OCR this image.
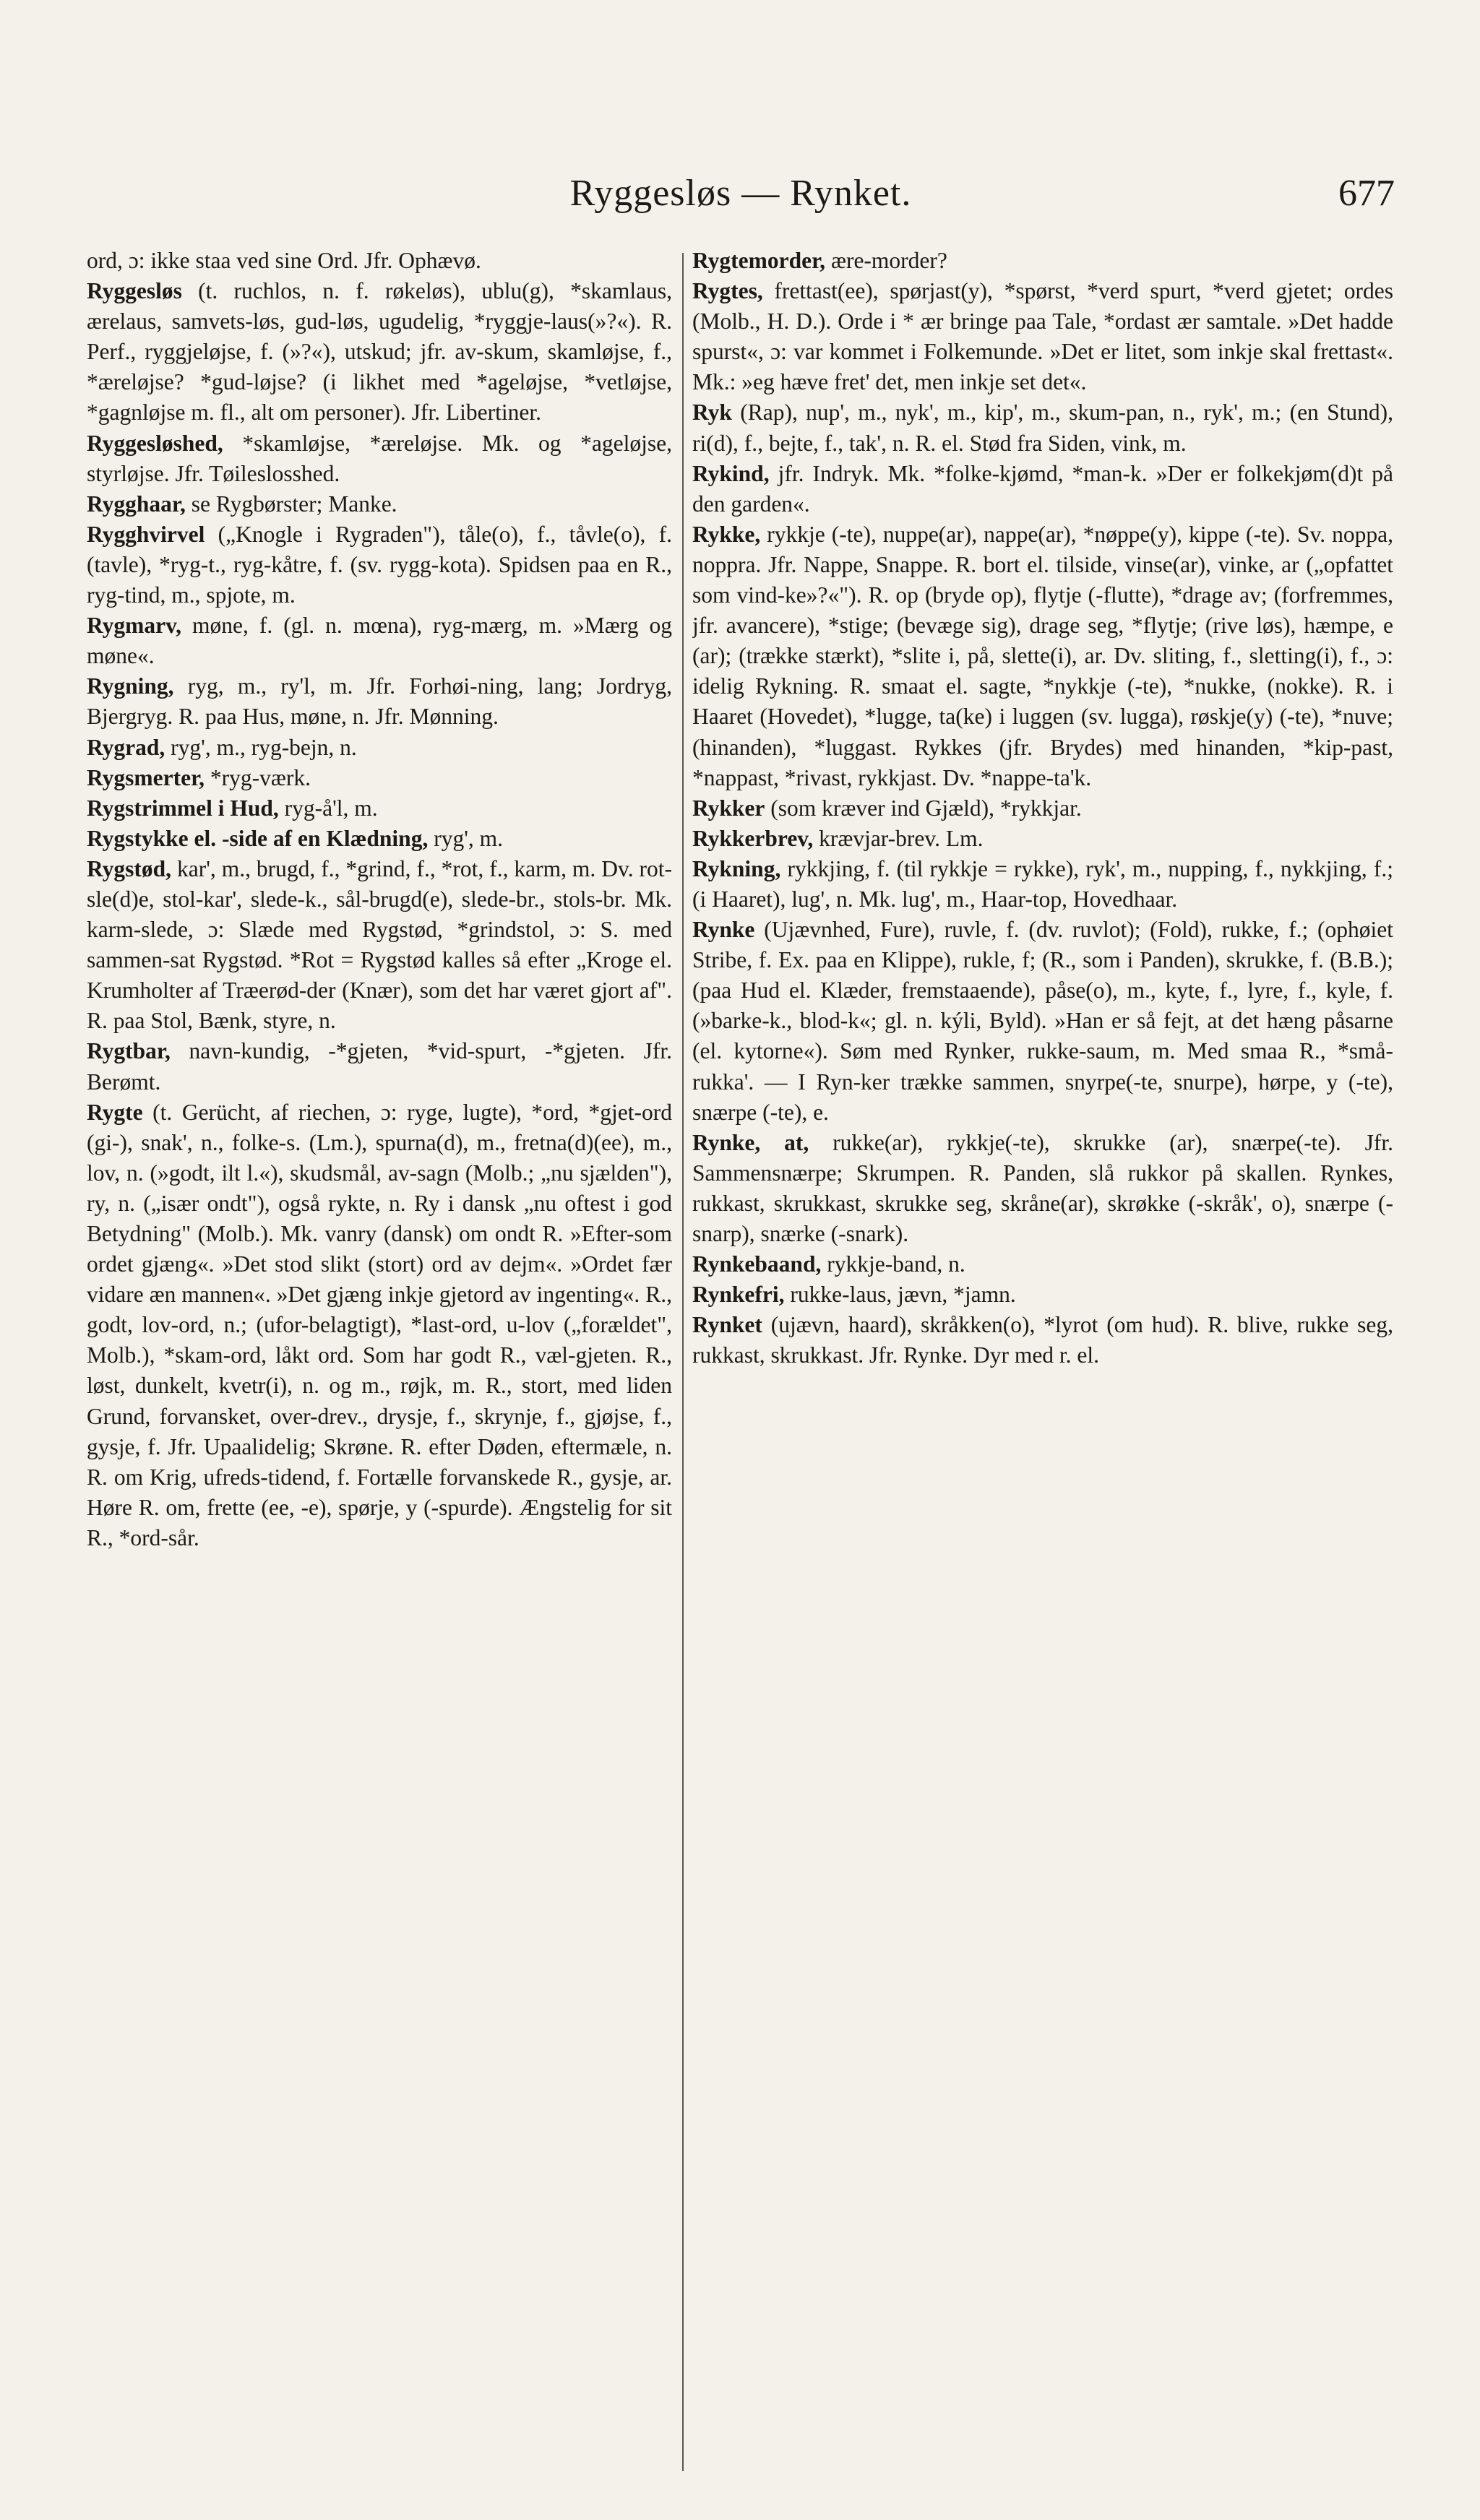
Ryggesløs — Rynket.	677

ord, ɔ: ikke staa ved sine Ord. Jfr. Ophævø.

Ryggesløs (t. ruchlos, n. f. røkeløs), ublu(g), *skamlaus, ærelaus, samvets-løs, gud-løs, ugudelig, *ryggje-laus(»?«). R. Perf., ryggjeløjse, f. (»?«), utskud; jfr. av-skum, skamløjse, f., *æreløjse? *gud-løjse? (i likhet med *ageløjse, *vetløjse, *gagnløjse m. fl., alt om personer). Jfr. Libertiner.

Ryggesløshed, *skamløjse, *æreløjse. Mk. og *ageløjse, styrløjse. Jfr. Tøileslosshed.

Rygghaar, se Rygbørster; Manke.

Rygghvirvel („Knogle i Rygraden"), tåle(o), f., tåvle(o), f. (tavle), *ryg-t., ryg-kåtre, f. (sv. rygg-kota). Spidsen paa en R., ryg-tind, m., spjote, m.

Rygmarv, møne, f. (gl. n. mœna), ryg-mærg, m. »Mærg og møne«.

Rygning, ryg, m., ry'l, m. Jfr. Forhøi-ning, lang; Jordryg, Bjergryg. R. paa Hus, møne, n. Jfr. Mønning.

Rygrad, ryg', m., ryg-bejn, n.

Rygsmerter, *ryg-værk.

Rygstrimmel i Hud, ryg-å'l, m.

Rygstykke el. -side af en Klædning, ryg', m.

Rygstød, kar', m., brugd, f., *grind, f., *rot, f., karm, m. Dv. rot-sle(d)e, stol-kar', slede-k., sål-brugd(e), slede-br., stols-br. Mk. karm-slede, ɔ: Slæde med Rygstød, *grindstol, ɔ: S. med sammen-sat Rygstød. *Rot = Rygstød kalles så efter „Kroge el. Krumholter af Træerød-der (Knær), som det har været gjort af". R. paa Stol, Bænk, styre, n.

Rygtbar, navn-kundig, -*gjeten, *vid-spurt, -*gjeten. Jfr. Berømt.

Rygte (t. Gerücht, af riechen, ɔ: ryge, lugte), *ord, *gjet-ord (gi-), snak', n., folke-s. (Lm.), spurna(d), m., fretna(d)(ee), m., lov, n. (»godt, ilt l.«), skudsmål, av-sagn (Molb.; „nu sjælden"), ry, n. („især ondt"), også rykte, n. Ry i dansk „nu oftest i god Betydning" (Molb.). Mk. vanry (dansk) om ondt R. »Efter-som ordet gjæng«. »Det stod slikt (stort) ord av dejm«. »Ordet fær vidare æn mannen«. »Det gjæng inkje gjetord av ingenting«. R., godt, lov-ord, n.; (ufor-belagtigt), *last-ord, u-lov („forældet", Molb.), *skam-ord, låkt ord. Som har godt R., væl-gjeten. R., løst, dunkelt, kvetr(i), n. og m., røjk, m. R., stort, med liden Grund, forvansket, over-drev., drysje, f., skrynje, f., gjøjse, f., gysje, f. Jfr. Upaalidelig; Skrøne. R. efter Døden, eftermæle, n. R. om Krig, ufreds-tidend, f. Fortælle forvanskede R., gysje, ar. Høre R. om, frette (ee, -e), spørje, y (-spurde). Ængstelig for sit R., *ord-sår.

Rygtemorder, ære-morder?

Rygtes, frettast(ee), spørjast(y), *spørst, *verd spurt, *verd gjetet; ordes (Molb., H. D.). Orde i * ær bringe paa Tale, *ordast ær samtale. »Det hadde spurst«, ɔ: var kommet i Folkemunde. »Det er litet, som inkje skal frettast«. Mk.: »eg hæve fret' det, men inkje set det«.

Ryk (Rap), nup', m., nyk', m., kip', m., skum-pan, n., ryk', m.; (en Stund), ri(d), f., bejte, f., tak', n. R. el. Stød fra Siden, vink, m.

Rykind, jfr. Indryk. Mk. *folke-kjømd, *man-k. »Der er folkekjøm(d)t på den garden«.

Rykke, rykkje (-te), nuppe(ar), nappe(ar), *nøppe(y), kippe (-te). Sv. noppa, noppra. Jfr. Nappe, Snappe. R. bort el. tilside, vinse(ar), vinke, ar („opfattet som vind-ke»?«"). R. op (bryde op), flytje (-flutte), *drage av; (forfremmes, jfr. avancere), *stige; (bevæge sig), drage seg, *flytje; (rive løs), hæmpe, e (ar); (trække stærkt), *slite i, på, slette(i), ar. Dv. sliting, f., sletting(i), f., ɔ: idelig Rykning. R. smaat el. sagte, *nykkje (-te), *nukke, (nokke). R. i Haaret (Hovedet), *lugge, ta(ke) i luggen (sv. lugga), røskje(y) (-te), *nuve; (hinanden), *luggast. Rykkes (jfr. Brydes) med hinanden, *kip-past, *nappast, *rivast, rykkjast. Dv. *nappe-ta'k.

Rykker (som kræver ind Gjæld), *rykkjar.

Rykkerbrev, krævjar-brev. Lm.

Rykning, rykkjing, f. (til rykkje = rykke), ryk', m., nupping, f., nykkjing, f.; (i Haaret), lug', n. Mk. lug', m., Haar-top, Hovedhaar.

Rynke (Ujævnhed, Fure), ruvle, f. (dv. ruvlot); (Fold), rukke, f.; (ophøiet Stribe, f. Ex. paa en Klippe), rukle, f; (R., som i Panden), skrukke, f. (B.B.); (paa Hud el. Klæder, fremstaaende), påse(o), m., kyte, f., lyre, f., kyle, f. (»barke-k., blod-k«; gl. n. kýli, Byld). »Han er så fejt, at det hæng påsarne (el. kytorne«). Søm med Rynker, rukke-saum, m. Med smaa R., *små-rukka'. — I Ryn-ker trække sammen, snyrpe(-te, snurpe), hørpe, y (-te), snærpe (-te), e.

Rynke, at, rukke(ar), rykkje(-te), skrukke (ar), snærpe(-te). Jfr. Sammensnærpe; Skrumpen. R. Panden, slå rukkor på skallen. Rynkes, rukkast, skrukkast, skrukke seg, skråne(ar), skrøkke (-skråk', o), snærpe (-snarp), snærke (-snark).

Rynkebaand, rykkje-band, n.

Rynkefri, rukke-laus, jævn, *jamn.

Rynket (ujævn, haard), skråkken(o), *lyrot (om hud). R. blive, rukke seg, rukkast, skrukkast. Jfr. Rynke. Dyr med r. el.
